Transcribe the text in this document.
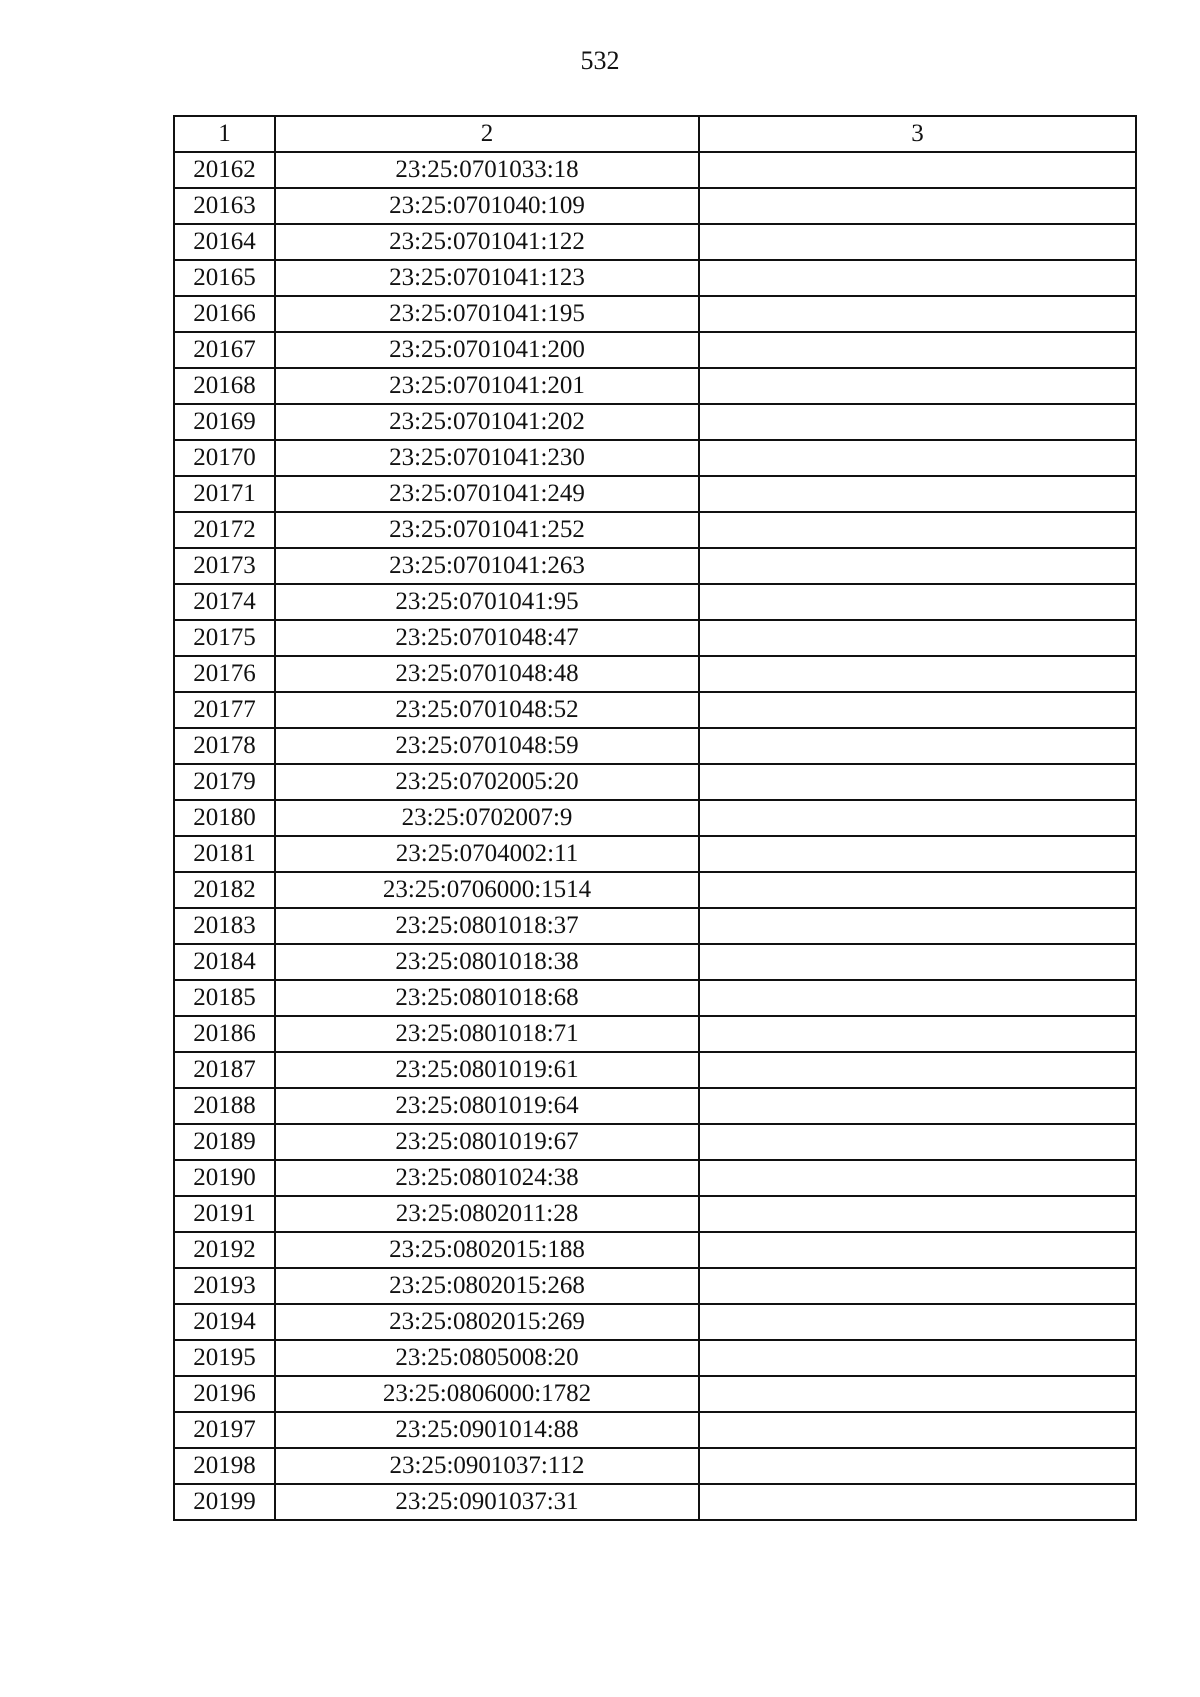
532
1	2	3
20162	23:25:0701033:18	
20163	23:25:0701040:109	
20164	23:25:0701041:122	
20165	23:25:0701041:123	
20166	23:25:0701041:195	
20167	23:25:0701041:200	
20168	23:25:0701041:201	
20169	23:25:0701041:202	
20170	23:25:0701041:230	
20171	23:25:0701041:249	
20172	23:25:0701041:252	
20173	23:25:0701041:263	
20174	23:25:0701041:95	
20175	23:25:0701048:47	
20176	23:25:0701048:48	
20177	23:25:0701048:52	
20178	23:25:0701048:59	
20179	23:25:0702005:20	
20180	23:25:0702007:9	
20181	23:25:0704002:11	
20182	23:25:0706000:1514	
20183	23:25:0801018:37	
20184	23:25:0801018:38	
20185	23:25:0801018:68	
20186	23:25:0801018:71	
20187	23:25:0801019:61	
20188	23:25:0801019:64	
20189	23:25:0801019:67	
20190	23:25:0801024:38	
20191	23:25:0802011:28	
20192	23:25:0802015:188	
20193	23:25:0802015:268	
20194	23:25:0802015:269	
20195	23:25:0805008:20	
20196	23:25:0806000:1782	
20197	23:25:0901014:88	
20198	23:25:0901037:112	
20199	23:25:0901037:31	
